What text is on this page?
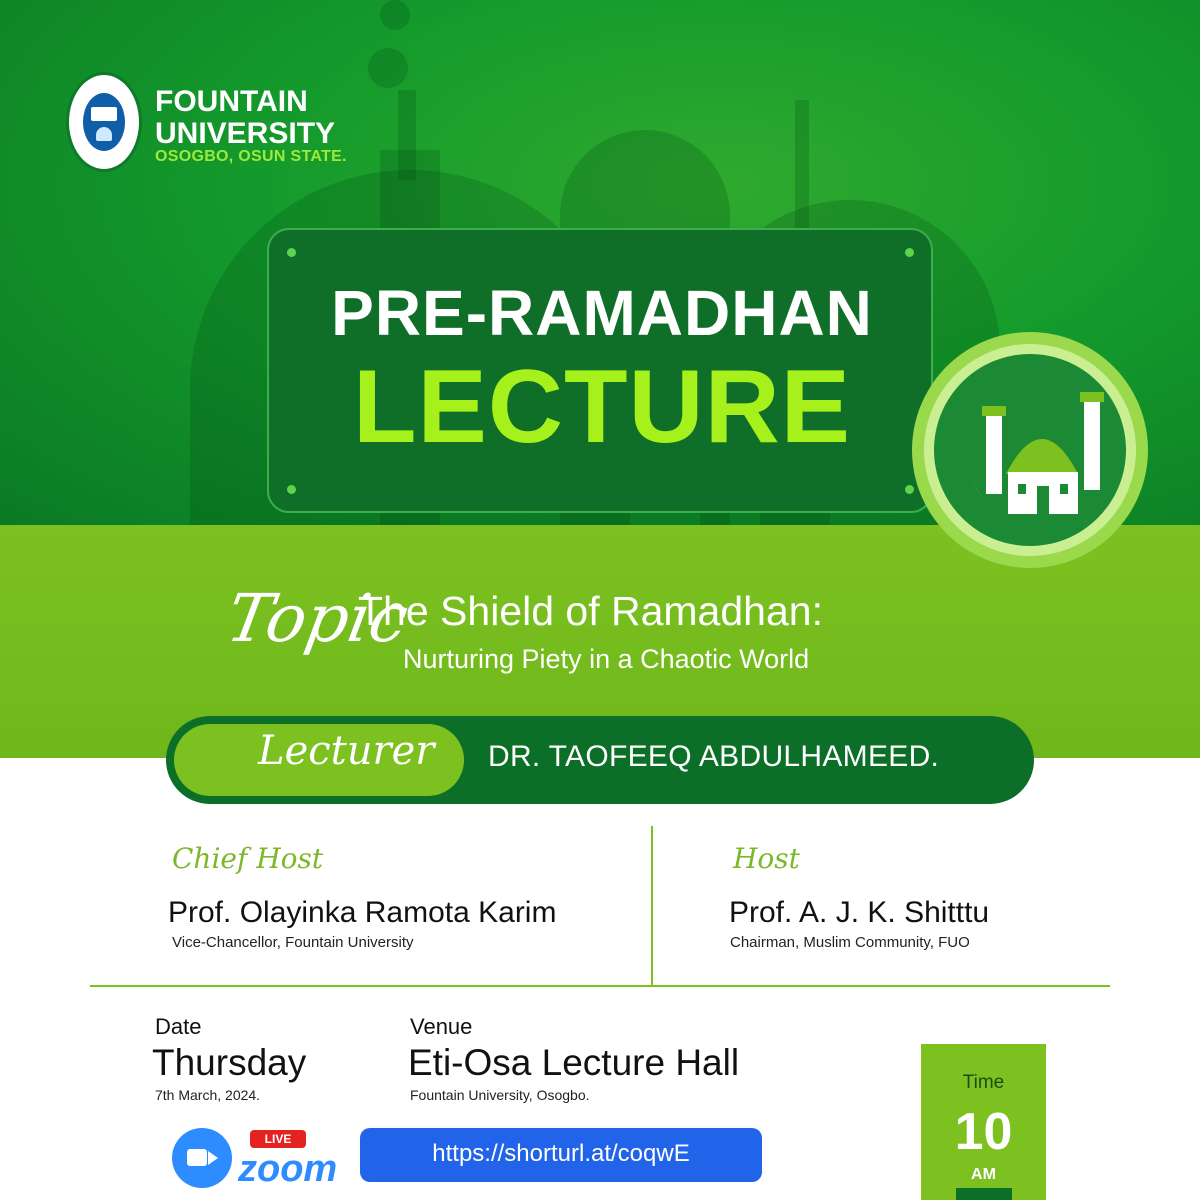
FOUNTAIN
UNIVERSITY
OSOGBO, OSUN STATE.
PRE-RAMADHAN
LECTURE
Topic
The Shield of Ramadhan:
Nurturing Piety in a Chaotic World
Lecturer DR. TAOFEEQ ABDULHAMEED.
Chief Host
Prof. Olayinka Ramota Karim
Vice-Chancellor, Fountain University
Host
Prof. A. J. K. Shitttu
Chairman, Muslim Community, FUO
Date
Thursday
7th March, 2024.
Venue
Eti-Osa Lecture Hall
Fountain University, Osogbo.
Time
10
AM
LIVE
zoom	https://shorturl.at/coqwE
